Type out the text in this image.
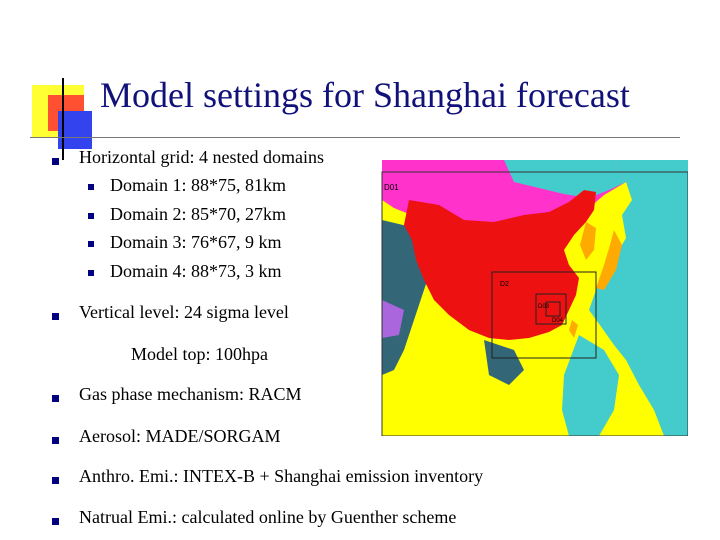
Model settings for Shanghai forecast
Horizontal grid: 4 nested domains
Domain 1: 88*75, 81km
Domain 2: 85*70, 27km
Domain 3: 76*67, 9 km
Domain 4: 88*73, 3 km
Vertical level: 24 sigma level
Model top: 100hpa
Gas phase mechanism: RACM
Aerosol: MADE/SORGAM
Anthro. Emi.: INTEX-B + Shanghai emission inventory
Natrual Emi.: calculated online by Guenther scheme
D01
D2
D03
D04
